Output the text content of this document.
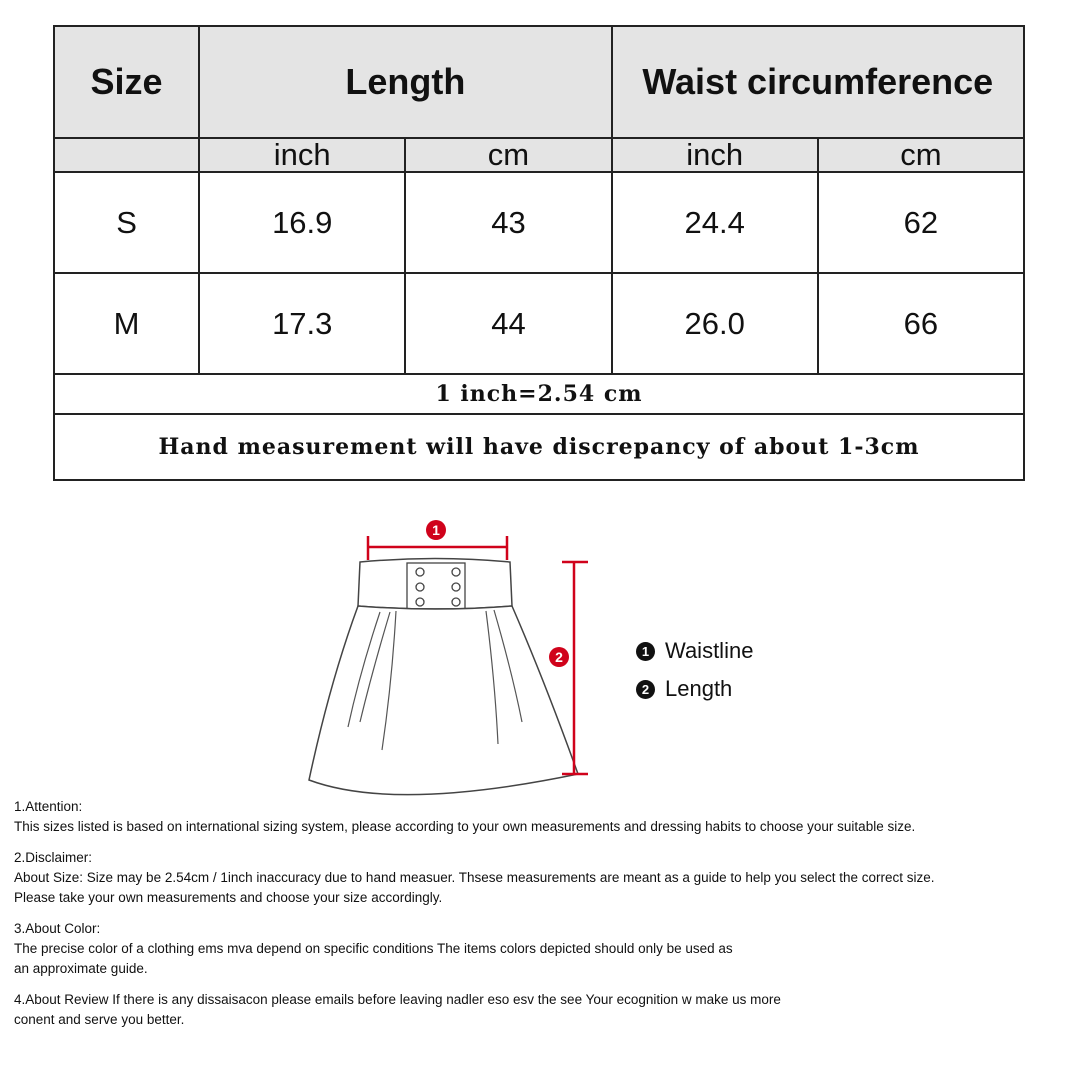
Size	Length		Waist circumference	
	inch	cm	inch	cm
S	16.9	43	24.4	62
M	17.3	44	26.0	66
1 inch=2.54 cm				
Hand measurement will have discrepancy of about 1-3cm				
1
2	1 Waistline
2 Length

1.Attention:

This sizes listed is based on international sizing system, please according to your own measurements and dressing habits to choose your suitable size.

2.Disclaimer:

About Size: Size may be 2.54cm / 1inch inaccuracy due to hand measuer. Thsese measurements are meant as a guide to help you select the correct size.

Please take your own measurements and choose your size accordingly.

3.About Color:

The precise color of a clothing ems mva depend on specific conditions The items colors depicted should only be used as

an approximate guide.

4.About Review If there is any dissaisacon please emails before leaving nadler eso esv the see Your ecognition w make us more

conent and serve you better.
